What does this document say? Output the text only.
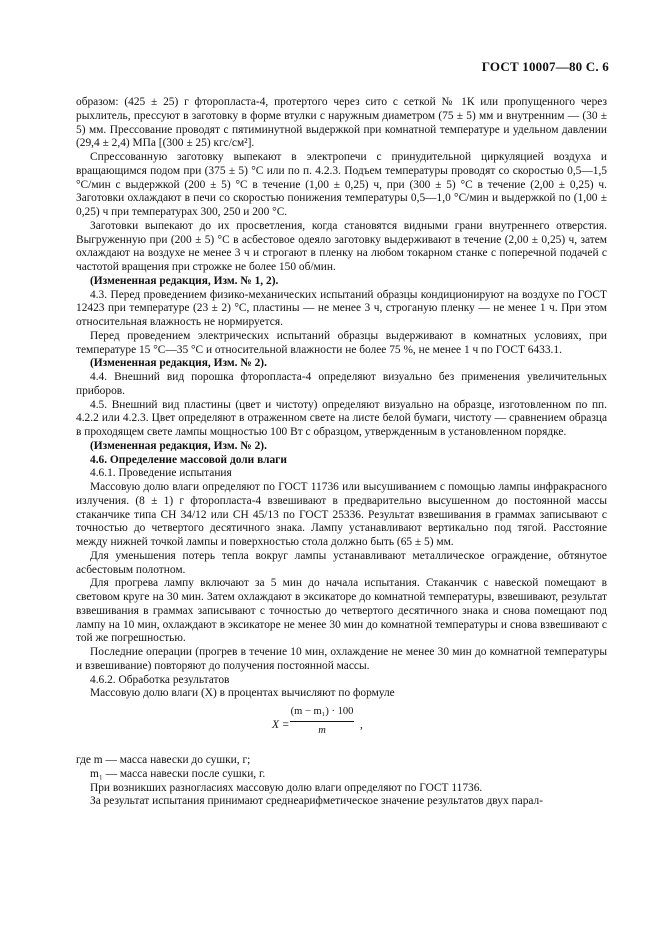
ГОСТ 10007—80 С. 6

образом: (425 ± 25) г фторопласта-4, протертого через сито с сеткой № 1К или пропущенного через рыхлитель, прессуют в заготовку в форме втулки с наружным диаметром (75 ± 5) мм и внутренним — (30 ± 5) мм. Прессование проводят с пятиминутной выдержкой при комнатной температуре и удельном давлении (29,4 ± 2,4) МПа [(300 ± 25) кгс/см²].

Спрессованную заготовку выпекают в электропечи с принудительной циркуляцией воздуха и вращающимся подом при (375 ± 5) °С или по п. 4.2.3. Подъем температуры проводят со скоростью 0,5—1,5 °С/мин с выдержкой (200 ± 5) °С в течение (1,00 ± 0,25) ч, при (300 ± 5) °С в течение (2,00 ± 0,25) ч. Заготовки охлаждают в печи со скоростью понижения температуры 0,5—1,0 °С/мин и выдержкой по (1,00 ± 0,25) ч при температурах 300, 250 и 200 °С.

Заготовки выпекают до их просветления, когда становятся видными грани внутреннего отверстия. Выгруженную при (200 ± 5) °С в асбестовое одеяло заготовку выдерживают в течение (2,00 ± 0,25) ч, затем охлаждают на воздухе не менее 3 ч и строгают в пленку на любом токарном станке с поперечной подачей с частотой вращения при строжке не более 150 об/мин.

(Измененная редакция, Изм. № 1, 2).

4.3. Перед проведением физико-механических испытаний образцы кондиционируют на воздухе по ГОСТ 12423 при температуре (23 ± 2) °С, пластины — не менее 3 ч, строганую пленку — не менее 1 ч. При этом относительная влажность не нормируется.

Перед проведением электрических испытаний образцы выдерживают в комнатных условиях, при температуре 15 °С—35 °С и относительной влажности не более 75 %, не менее 1 ч по ГОСТ 6433.1.

(Измененная редакция, Изм. № 2).

4.4. Внешний вид порошка фторопласта-4 определяют визуально без применения увеличительных приборов.

4.5. Внешний вид пластины (цвет и чистоту) определяют визуально на образце, изготовленном по пп. 4.2.2 или 4.2.3. Цвет определяют в отраженном свете на листе белой бумаги, чистоту — сравнением образца в проходящем свете лампы мощностью 100 Вт с образцом, утвержденным в установленном порядке.

(Измененная редакция, Изм. № 2).

4.6. Определение массовой доли влаги

4.6.1. Проведение испытания

Массовую долю влаги определяют по ГОСТ 11736 или высушиванием с помощью лампы инфракрасного излучения. (8 ± 1) г фторопласта-4 взвешивают в предварительно высушенном до постоянной массы стаканчике типа СН 34/12 или СН 45/13 по ГОСТ 25336. Результат взвешивания в граммах записывают с точностью до четвертого десятичного знака. Лампу устанавливают вертикально под тягой. Расстояние между нижней точкой лампы и поверхностью стола должно быть (65 ± 5) мм.

Для уменьшения потерь тепла вокруг лампы устанавливают металлическое ограждение, обтянутое асбестовым полотном.

Для прогрева лампу включают за 5 мин до начала испытания. Стаканчик с навеской помещают в световом круге на 30 мин. Затем охлаждают в эксикаторе до комнатной температуры, взвешивают, результат взвешивания в граммах записывают с точностью до четвертого десятичного знака и снова помещают под лампу на 10 мин, охлаждают в эксикаторе не менее 30 мин до комнатной температуры и снова взвешивают с той же погрешностью.

Последние операции (прогрев в течение 10 мин, охлаждение не менее 30 мин до комнатной температуры и взвешивание) повторяют до получения постоянной массы.

4.6.2. Обработка результатов

Массовую долю влаги (X) в процентах вычисляют по формуле

$X = \frac{\text{(m − m₁) · 100}}{m}$ ,

где m — масса навески до сушки, г;

m₁ — масса навески после сушки, г.

При возникших разногласиях массовую долю влаги определяют по ГОСТ 11736.

За результат испытания принимают среднеарифметическое значение результатов двух парал-
